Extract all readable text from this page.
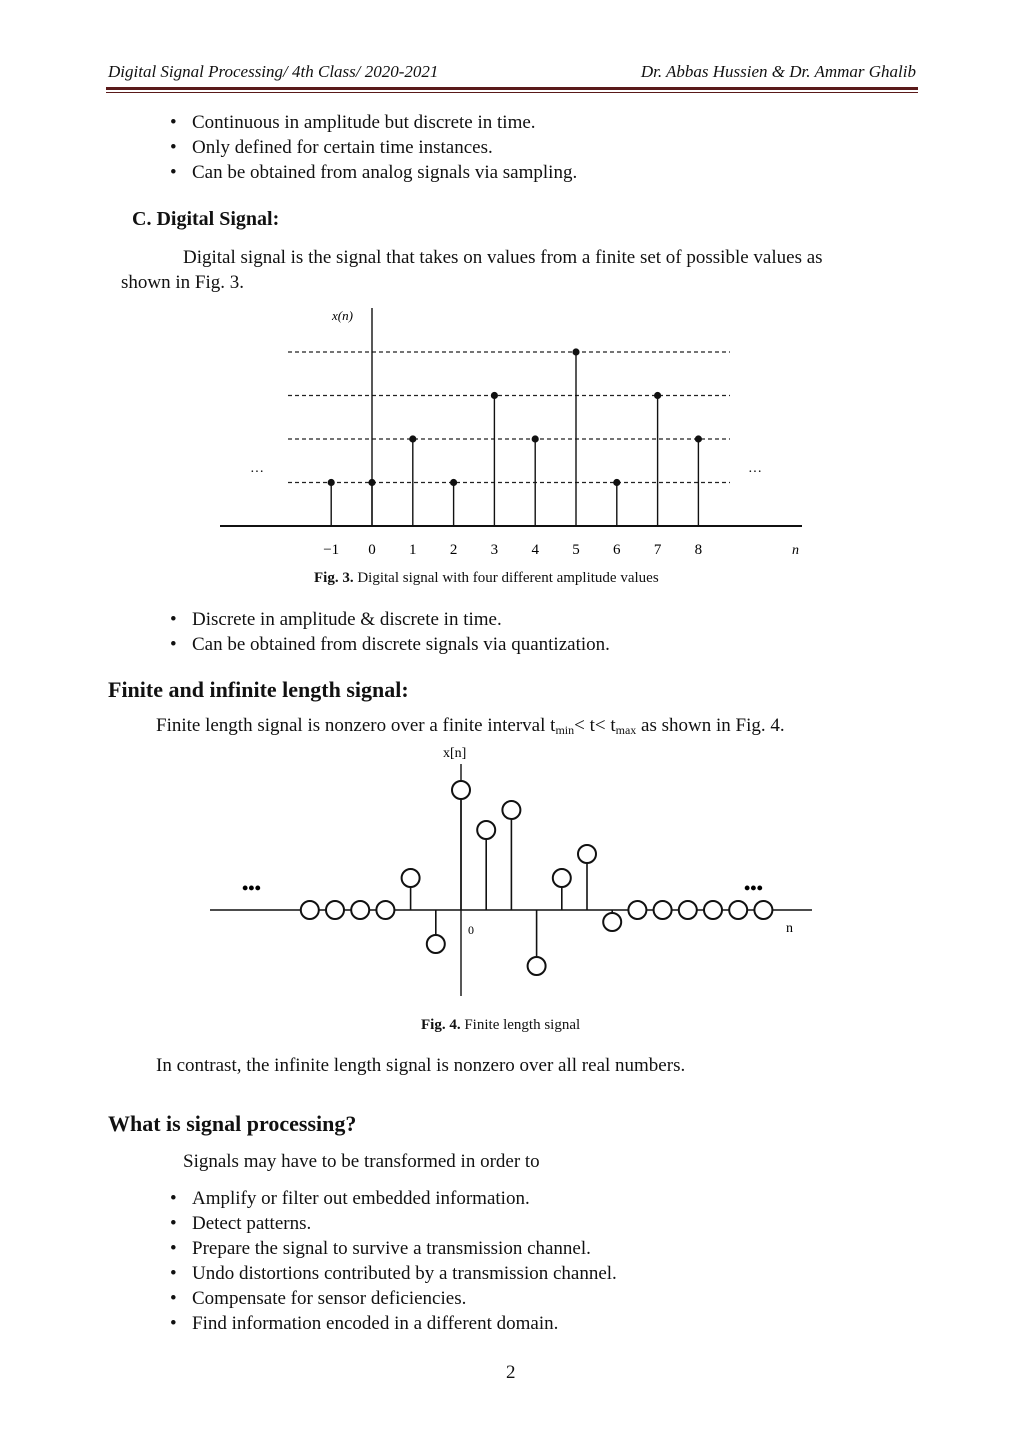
Digital Signal Processing/ 4th Class/ 2020-2021	Dr. Abbas Hussien & Dr. Ammar Ghalib
• Continuous in amplitude but discrete in time.
• Only defined for certain time instances.
• Can be obtained from analog signals via sampling.
C. Digital Signal:
Digital signal is the signal that takes on values from a finite set of possible values as
shown in Fig. 3.
x(n)
n
···	···
−1 0 1 2 3 4 5 6 7 8
Fig. 3. Digital signal with four different amplitude values
• Discrete in amplitude & discrete in time.
• Can be obtained from discrete signals via quantization.
Finite and infinite length signal:
Finite length signal is nonzero over a finite interval $t_{min}< t< t_{max}$ as shown in Fig. 4.
x[n]
n
0
•••	•••
Fig. 4. Finite length signal
In contrast, the infinite length signal is nonzero over all real numbers.
What is signal processing?
Signals may have to be transformed in order to
• Amplify or filter out embedded information.
• Detect patterns.
• Prepare the signal to survive a transmission channel.
• Undo distortions contributed by a transmission channel.
• Compensate for sensor deficiencies.
• Find information encoded in a different domain.
2
